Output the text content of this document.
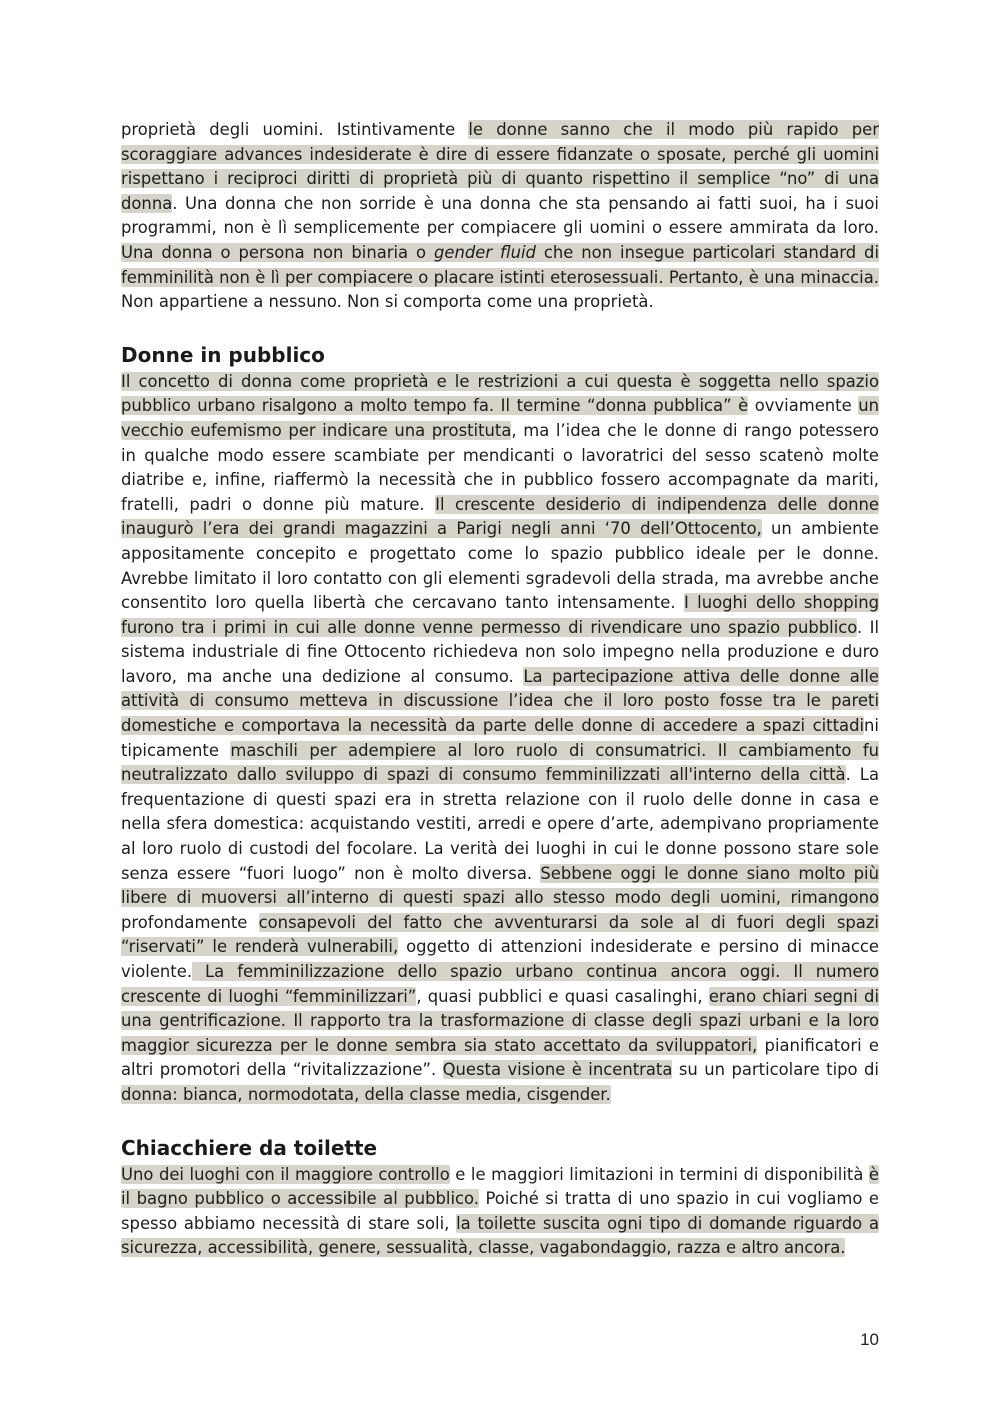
proprietà degli uomini. Istintivamente le donne sanno che il modo più rapido per scoraggiare advances indesiderate è dire di essere fidanzate o sposate, perché gli uomini rispettano i reciproci diritti di proprietà più di quanto rispettino il semplice “no” di una donna. Una donna che non sorride è una donna che sta pensando ai fatti suoi, ha i suoi programmi, non è lì semplicemente per compiacere gli uomini o essere ammirata da loro. Una donna o persona non binaria o gender fluid che non insegue particolari standard di femminilità non è lì per compiacere o placare istinti eterosessuali. Pertanto, è una minaccia. Non appartiene a nessuno. Non si comporta come una proprietà.

Donne in pubblico

Il concetto di donna come proprietà e le restrizioni a cui questa è soggetta nello spazio pubblico urbano risalgono a molto tempo fa. Il termine “donna pubblica” è ovviamente un vecchio eufemismo per indicare una prostituta, ma l’idea che le donne di rango potessero in qualche modo essere scambiate per mendicanti o lavoratrici del sesso scatenò molte diatribe e, infine, riaffermò la necessità che in pubblico fossero accompagnate da mariti, fratelli, padri o donne più mature. Il crescente desiderio di indipendenza delle donne inaugurò l’era dei grandi magazzini a Parigi negli anni ‘70 dell’Ottocento, un ambiente appositamente concepito e progettato come lo spazio pubblico ideale per le donne. Avrebbe limitato il loro contatto con gli elementi sgradevoli della strada, ma avrebbe anche consentito loro quella libertà che cercavano tanto intensamente. I luoghi dello shopping furono tra i primi in cui alle donne venne permesso di rivendicare uno spazio pubblico. Il sistema industriale di fine Ottocento richiedeva non solo impegno nella produzione e duro lavoro, ma anche una dedizione al consumo. La partecipazione attiva delle donne alle attività di consumo metteva in discussione l’idea che il loro posto fosse tra le pareti domestiche e comportava la necessità da parte delle donne di accedere a spazi cittadini tipicamente maschili per adempiere al loro ruolo di consumatrici. Il cambiamento fu neutralizzato dallo sviluppo di spazi di consumo femminilizzati all'interno della città. La frequentazione di questi spazi era in stretta relazione con il ruolo delle donne in casa e nella sfera domestica: acquistando vestiti, arredi e opere d’arte, adempivano propriamente al loro ruolo di custodi del focolare. La verità dei luoghi in cui le donne possono stare sole senza essere “fuori luogo” non è molto diversa. Sebbene oggi le donne siano molto più libere di muoversi all’interno di questi spazi allo stesso modo degli uomini, rimangono profondamente consapevoli del fatto che avventurarsi da sole al di fuori degli spazi “riservati” le renderà vulnerabili, oggetto di attenzioni indesiderate e persino di minacce violente. La femminilizzazione dello spazio urbano continua ancora oggi. Il numero crescente di luoghi “femminilizzari”, quasi pubblici e quasi casalinghi, erano chiari segni di una gentrificazione. Il rapporto tra la trasformazione di classe degli spazi urbani e la loro maggior sicurezza per le donne sembra sia stato accettato da sviluppatori, pianificatori e altri promotori della “rivitalizzazione”. Questa visione è incentrata su un particolare tipo di donna: bianca, normodotata, della classe media, cisgender.

Chiacchiere da toilette

Uno dei luoghi con il maggiore controllo e le maggiori limitazioni in termini di disponibilità è il bagno pubblico o accessibile al pubblico. Poiché si tratta di uno spazio in cui vogliamo e spesso abbiamo necessità di stare soli, la toilette suscita ogni tipo di domande riguardo a sicurezza, accessibilità, genere, sessualità, classe, vagabondaggio, razza e altro ancora.

10
